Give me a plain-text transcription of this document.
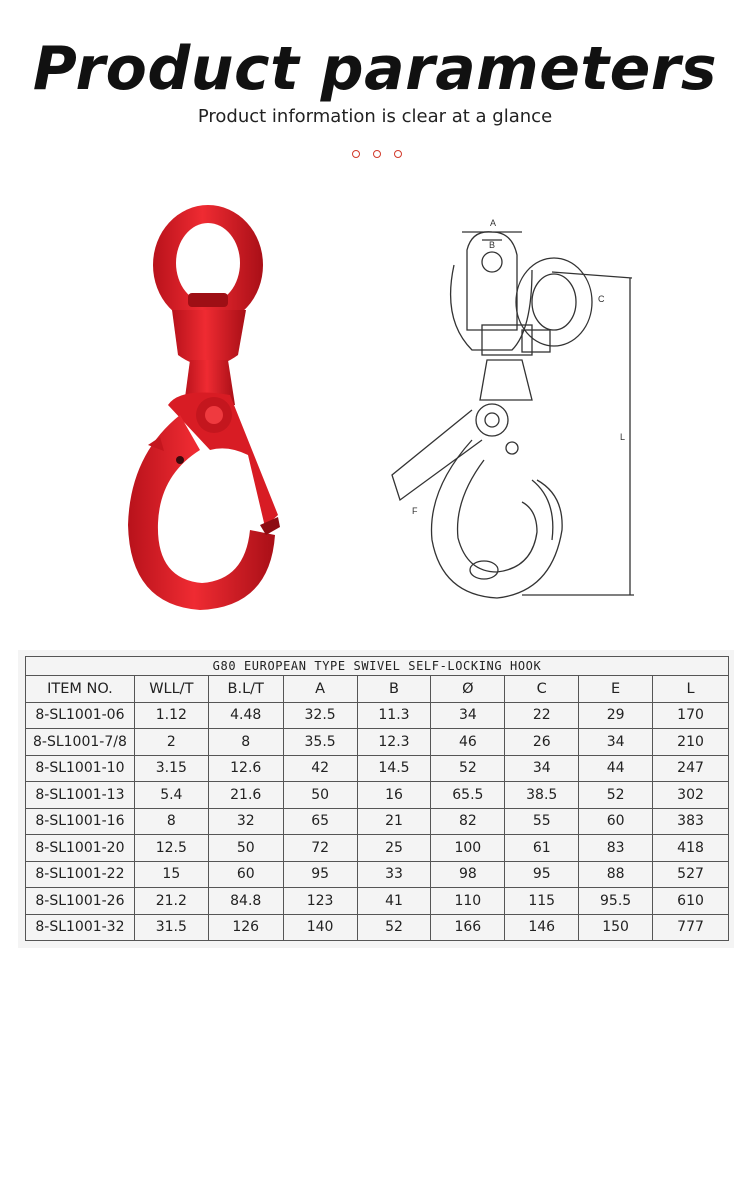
Product parameters
Product information is clear at a glance
A
B
C
F
L
G80 EUROPEAN TYPE SWIVEL SELF-LOCKING HOOK								
ITEM NO.	WLL/T	B.L/T	A	B	Ø	C	E	L
8-SL1001-06	1.12	4.48	32.5	11.3	34	22	29	170
8-SL1001-7/8	2	8	35.5	12.3	46	26	34	210
8-SL1001-10	3.15	12.6	42	14.5	52	34	44	247
8-SL1001-13	5.4	21.6	50	16	65.5	38.5	52	302
8-SL1001-16	8	32	65	21	82	55	60	383
8-SL1001-20	12.5	50	72	25	100	61	83	418
8-SL1001-22	15	60	95	33	98	95	88	527
8-SL1001-26	21.2	84.8	123	41	110	115	95.5	610
8-SL1001-32	31.5	126	140	52	166	146	150	777
